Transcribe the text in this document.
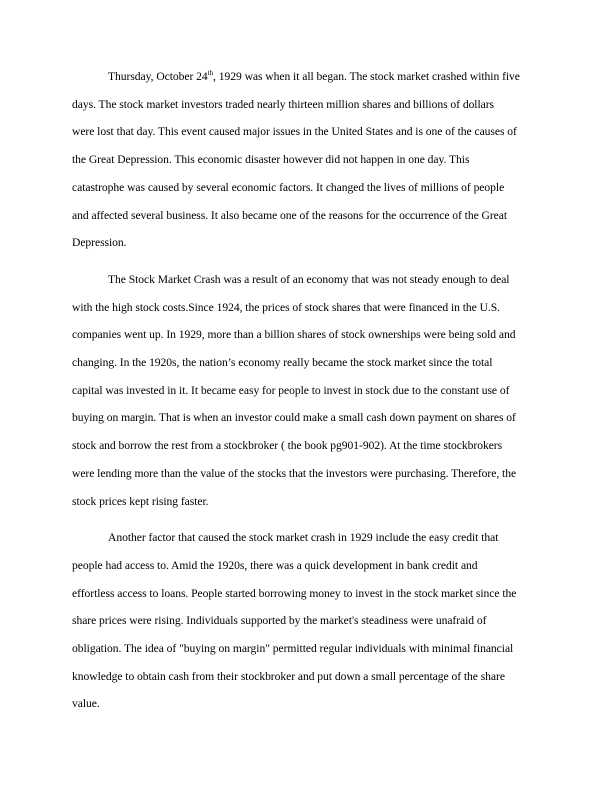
Thursday, October 24th, 1929 was when it all began. The stock market crashed within five
days. The stock market investors traded nearly thirteen million shares and billions of dollars
were lost that day. This event caused major issues in the United States and is one of the causes of
the Great Depression. This economic disaster however did not happen in one day. This
catastrophe was caused by several economic factors. It changed the lives of millions of people
and affected several business. It also became one of the reasons for the occurrence of the Great
Depression.

The Stock Market Crash was a result of an economy that was not steady enough to deal
with the high stock costs.Since 1924, the prices of stock shares that were financed in the U.S.
companies went up. In 1929, more than a billion shares of stock ownerships were being sold and
changing. In the 1920s, the nation’s economy really became the stock market since the total
capital was invested in it. It became easy for people to invest in stock due to the constant use of
buying on margin. That is when an investor could make a small cash down payment on shares of
stock and borrow the rest from a stockbroker ( the book pg901-902). At the time stockbrokers
were lending more than the value of the stocks that the investors were purchasing. Therefore, the
stock prices kept rising faster.

Another factor that caused the stock market crash in 1929 include the easy credit that
people had access to. Amid the 1920s, there was a quick development in bank credit and
effortless access to loans. People started borrowing money to invest in the stock market since the
share prices were rising. Individuals supported by the market's steadiness were unafraid of
obligation. The idea of "buying on margin" permitted regular individuals with minimal financial
knowledge to obtain cash from their stockbroker and put down a small percentage of the share
value.
